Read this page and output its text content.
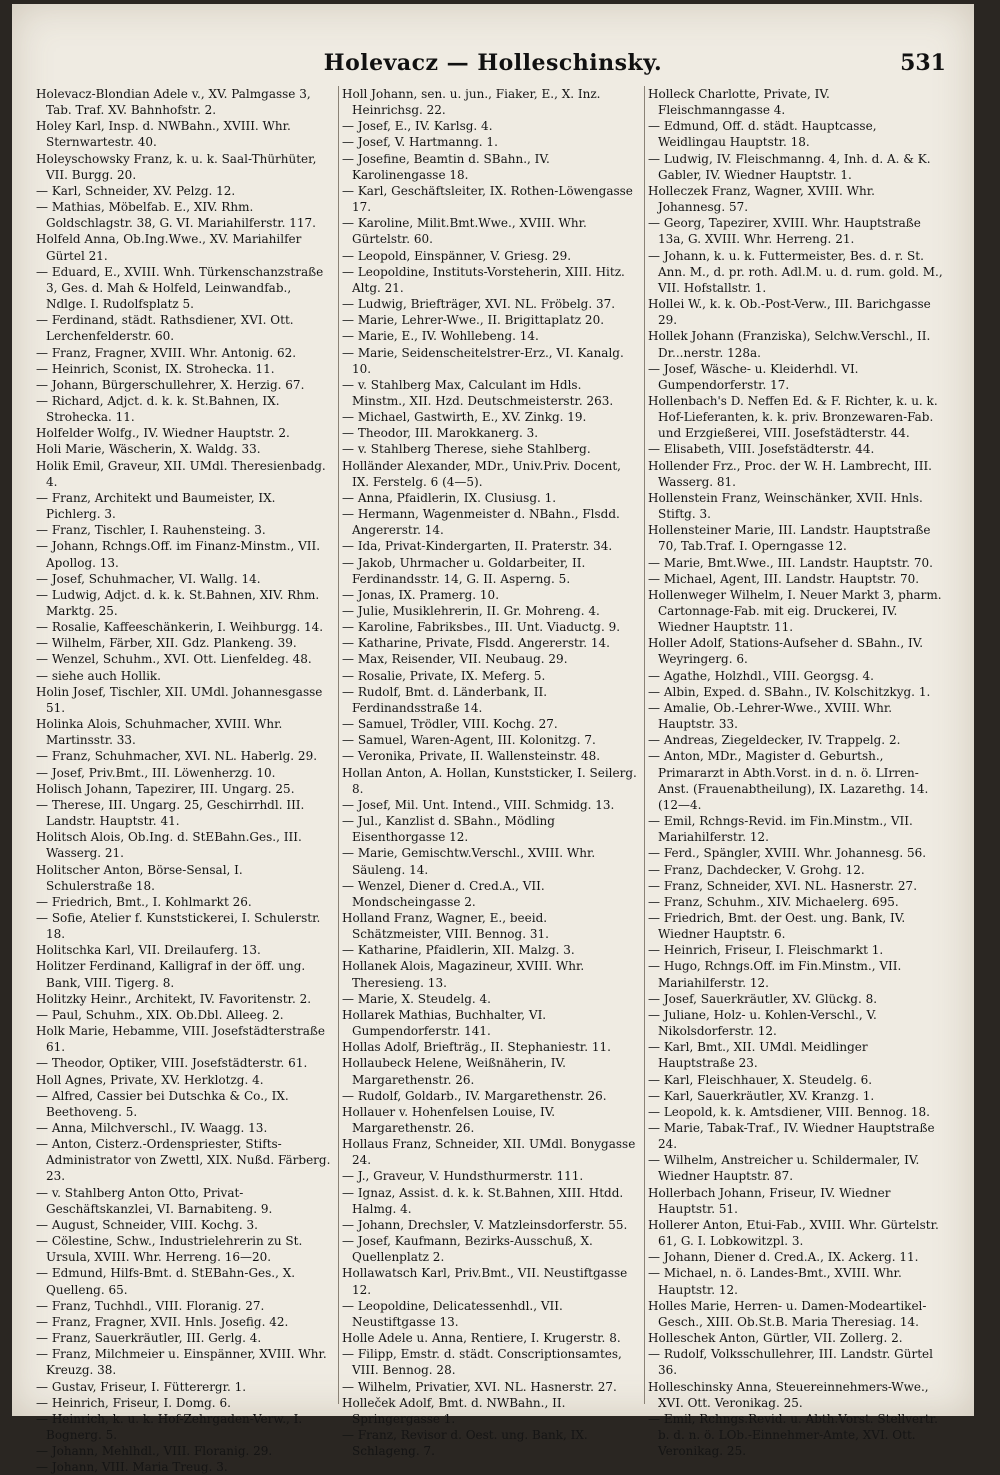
Holevacz — Holleschinsky.	531

Holevacz-Blondian Adele v., XV. Palmgasse 3, Tab. Traf. XV. Bahnhofstr. 2.

Holey Karl, Insp. d. NWBahn., XVIII. Whr. Sternwartestr. 40.

Holeyschowsky Franz, k. u. k. Saal-Thürhüter, VII. Burgg. 20.

— Karl, Schneider, XV. Pelzg. 12.

— Mathias, Möbelfab. E., XIV. Rhm. Goldschlagstr. 38, G. VI. Mariahilferstr. 117.

Holfeld Anna, Ob.Ing.Wwe., XV. Mariahilfer Gürtel 21.

— Eduard, E., XVIII. Wnh. Türkenschanzstraße 3, Ges. d. Mah & Holfeld, Leinwandfab., Ndlge. I. Rudolfsplatz 5.

— Ferdinand, städt. Rathsdiener, XVI. Ott. Lerchenfelderstr. 60.

— Franz, Fragner, XVIII. Whr. Antonig. 62.

— Heinrich, Sconist, IX. Strohecka. 11.

— Johann, Bürgerschullehrer, X. Herzig. 67.

— Richard, Adjct. d. k. k. St.Bahnen, IX. Strohecka. 11.

Holfelder Wolfg., IV. Wiedner Hauptstr. 2.

Holi Marie, Wäscherin, X. Waldg. 33.

Holik Emil, Graveur, XII. UMdl. Theresienbadg. 4.

— Franz, Architekt und Baumeister, IX. Pichlerg. 3.

— Franz, Tischler, I. Rauhensteing. 3.

— Johann, Rchngs.Off. im Finanz-Minstm., VII. Apollog. 13.

— Josef, Schuhmacher, VI. Wallg. 14.

— Ludwig, Adjct. d. k. k. St.Bahnen, XIV. Rhm. Marktg. 25.

— Rosalie, Kaffeeschänkerin, I. Weihburgg. 14.

— Wilhelm, Färber, XII. Gdz. Plankeng. 39.

— Wenzel, Schuhm., XVI. Ott. Lienfeldeg. 48.

— siehe auch Hollik.

Holin Josef, Tischler, XII. UMdl. Johannesgasse 51.

Holinka Alois, Schuhmacher, XVIII. Whr. Martinsstr. 33.

— Franz, Schuhmacher, XVI. NL. Haberlg. 29.

— Josef, Priv.Bmt., III. Löwenherzg. 10.

Holisch Johann, Tapezirer, III. Ungarg. 25.

— Therese, III. Ungarg. 25, Geschirrhdl. III. Landstr. Hauptstr. 41.

Holitsch Alois, Ob.Ing. d. StEBahn.Ges., III. Wasserg. 21.

Holitscher Anton, Börse-Sensal, I. Schulerstraße 18.

— Friedrich, Bmt., I. Kohlmarkt 26.

— Sofie, Atelier f. Kunststickerei, I. Schulerstr. 18.

Holitschka Karl, VII. Dreilauferg. 13.

Holitzer Ferdinand, Kalligraf in der öff. ung. Bank, VIII. Tigerg. 8.

Holitzky Heinr., Architekt, IV. Favoritenstr. 2.

— Paul, Schuhm., XIX. Ob.Dbl. Alleeg. 2.

Holk Marie, Hebamme, VIII. Josefstädterstraße 61.

— Theodor, Optiker, VIII. Josefstädterstr. 61.

Holl Agnes, Private, XV. Herklotzg. 4.

— Alfred, Cassier bei Dutschka & Co., IX. Beethoveng. 5.

— Anna, Milchverschl., IV. Waagg. 13.

— Anton, Cisterz.-Ordenspriester, Stifts-Administrator von Zwettl, XIX. Nußd. Färberg. 23.

— v. Stahlberg Anton Otto, Privat-Geschäftskanzlei, VI. Barnabiteng. 9.

— August, Schneider, VIII. Kochg. 3.

— Cölestine, Schw., Industrielehrerin zu St. Ursula, XVIII. Whr. Herreng. 16—20.

— Edmund, Hilfs-Bmt. d. StEBahn-Ges., X. Quelleng. 65.

— Franz, Tuchhdl., VIII. Floranig. 27.

— Franz, Fragner, XVII. Hnls. Josefig. 42.

— Franz, Sauerkräutler, III. Gerlg. 4.

— Franz, Milchmeier u. Einspänner, XVIII. Whr. Kreuzg. 38.

— Gustav, Friseur, I. Fütterergr. 1.

— Heinrich, Friseur, I. Domg. 6.

— Heinrich, k. u. k. Hof-Zehrgaden-Verw., I. Bognerg. 5.

— Johann, Mehlhdl., VIII. Floranig. 29.

— Johann, VIII. Maria Treug. 3.

Holl Johann, sen. u. jun., Fiaker, E., X. Inz. Heinrichsg. 22.

— Josef, E., IV. Karlsg. 4.

— Josef, V. Hartmanng. 1.

— Josefine, Beamtin d. SBahn., IV. Karolinengasse 18.

— Karl, Geschäftsleiter, IX. Rothen-Löwengasse 17.

— Karoline, Milit.Bmt.Wwe., XVIII. Whr. Gürtelstr. 60.

— Leopold, Einspänner, V. Griesg. 29.

— Leopoldine, Instituts-Vorsteherin, XIII. Hitz. Altg. 21.

— Ludwig, Briefträger, XVI. NL. Fröbelg. 37.

— Marie, Lehrer-Wwe., II. Brigittaplatz 20.

— Marie, E., IV. Wohllebeng. 14.

— Marie, Seidenscheitelstrer-Erz., VI. Kanalg. 10.

— v. Stahlberg Max, Calculant im Hdls. Minstm., XII. Hzd. Deutschmeisterstr. 263.

— Michael, Gastwirth, E., XV. Zinkg. 19.

— Theodor, III. Marokkanerg. 3.

— v. Stahlberg Therese, siehe Stahlberg.

Holländer Alexander, MDr., Univ.Priv. Docent, IX. Ferstelg. 6 (4—5).

— Anna, Pfaidlerin, IX. Clusiusg. 1.

— Hermann, Wagenmeister d. NBahn., Flsdd. Angererstr. 14.

— Ida, Privat-Kindergarten, II. Praterstr. 34.

— Jakob, Uhrmacher u. Goldarbeiter, II. Ferdinandsstr. 14, G. II. Asperng. 5.

— Jonas, IX. Pramerg. 10.

— Julie, Musiklehrerin, II. Gr. Mohreng. 4.

— Karoline, Fabriksbes., III. Unt. Viaductg. 9.

— Katharine, Private, Flsdd. Angererstr. 14.

— Max, Reisender, VII. Neubaug. 29.

— Rosalie, Private, IX. Meferg. 5.

— Rudolf, Bmt. d. Länderbank, II. Ferdinandsstraße 14.

— Samuel, Trödler, VIII. Kochg. 27.

— Samuel, Waren-Agent, III. Kolonitzg. 7.

— Veronika, Private, II. Wallensteinstr. 48.

Hollan Anton, A. Hollan, Kunststicker, I. Seilerg. 8.

— Josef, Mil. Unt. Intend., VIII. Schmidg. 13.

— Jul., Kanzlist d. SBahn., Mödling Eisenthorgasse 12.

— Marie, Gemischtw.Verschl., XVIII. Whr. Säuleng. 14.

— Wenzel, Diener d. Cred.A., VII. Mondscheingasse 2.

Holland Franz, Wagner, E., beeid. Schätzmeister, VIII. Bennog. 31.

— Katharine, Pfaidlerin, XII. Malzg. 3.

Hollanek Alois, Magazineur, XVIII. Whr. Theresieng. 13.

— Marie, X. Steudelg. 4.

Hollarek Mathias, Buchhalter, VI. Gumpendorferstr. 141.

Hollas Adolf, Briefträg., II. Stephaniestr. 11.

Hollaubeck Helene, Weißnäherin, IV. Margarethenstr. 26.

— Rudolf, Goldarb., IV. Margarethenstr. 26.

Hollauer v. Hohenfelsen Louise, IV. Margarethenstr. 26.

Hollaus Franz, Schneider, XII. UMdl. Bonygasse 24.

— J., Graveur, V. Hundsthurmerstr. 111.

— Ignaz, Assist. d. k. k. St.Bahnen, XIII. Htdd. Halmg. 4.

— Johann, Drechsler, V. Matzleinsdorferstr. 55.

— Josef, Kaufmann, Bezirks-Ausschuß, X. Quellenplatz 2.

Hollawatsch Karl, Priv.Bmt., VII. Neustiftgasse 12.

— Leopoldine, Delicatessenhdl., VII. Neustiftgasse 13.

Holle Adele u. Anna, Rentiere, I. Krugerstr. 8.

— Filipp, Emstr. d. städt. Conscriptionsamtes, VIII. Bennog. 28.

— Wilhelm, Privatier, XVI. NL. Hasnerstr. 27.

Holleček Adolf, Bmt. d. NWBahn., II. Springergasse 1.

— Franz, Revisor d. Oest. ung. Bank, IX. Schlageng. 7.

Holleck Charlotte, Private, IV. Fleischmanngasse 4.

— Edmund, Off. d. städt. Hauptcasse, Weidlingau Hauptstr. 18.

— Ludwig, IV. Fleischmanng. 4, Inh. d. A. & K. Gabler, IV. Wiedner Hauptstr. 1.

Holleczek Franz, Wagner, XVIII. Whr. Johannesg. 57.

— Georg, Tapezirer, XVIII. Whr. Hauptstraße 13a, G. XVIII. Whr. Herreng. 21.

— Johann, k. u. k. Futtermeister, Bes. d. r. St. Ann. M., d. pr. roth. Adl.M. u. d. rum. gold. M., VII. Hofstallstr. 1.

Hollei W., k. k. Ob.-Post-Verw., III. Barichgasse 29.

Hollek Johann (Franziska), Selchw.Verschl., II. Dr...nerstr. 128a.

— Josef, Wäsche- u. Kleiderhdl. VI. Gumpendorferstr. 17.

Hollenbach's D. Neffen Ed. & F. Richter, k. u. k. Hof-Lieferanten, k. k. priv. Bronzewaren-Fab. und Erzgießerei, VIII. Josefstädterstr. 44.

— Elisabeth, VIII. Josefstädterstr. 44.

Hollender Frz., Proc. der W. H. Lambrecht, III. Wasserg. 81.

Hollenstein Franz, Weinschänker, XVII. Hnls. Stiftg. 3.

Hollensteiner Marie, III. Landstr. Hauptstraße 70, Tab.Traf. I. Operngasse 12.

— Marie, Bmt.Wwe., III. Landstr. Hauptstr. 70.

— Michael, Agent, III. Landstr. Hauptstr. 70.

Hollenweger Wilhelm, I. Neuer Markt 3, pharm. Cartonnage-Fab. mit eig. Druckerei, IV. Wiedner Hauptstr. 11.

Holler Adolf, Stations-Aufseher d. SBahn., IV. Weyringerg. 6.

— Agathe, Holzhdl., VIII. Georgsg. 4.

— Albin, Exped. d. SBahn., IV. Kolschitzkyg. 1.

— Amalie, Ob.-Lehrer-Wwe., XVIII. Whr. Hauptstr. 33.

— Andreas, Ziegeldecker, IV. Trappelg. 2.

— Anton, MDr., Magister d. Geburtsh., Primararzt in Abth.Vorst. in d. n. ö. LIrren-Anst. (Frauenabtheilung), IX. Lazarethg. 14. (12—4.

— Emil, Rchngs-Revid. im Fin.Minstm., VII. Mariahilferstr. 12.

— Ferd., Spängler, XVIII. Whr. Johannesg. 56.

— Franz, Dachdecker, V. Grohg. 12.

— Franz, Schneider, XVI. NL. Hasnerstr. 27.

— Franz, Schuhm., XIV. Michaelerg. 695.

— Friedrich, Bmt. der Oest. ung. Bank, IV. Wiedner Hauptstr. 6.

— Heinrich, Friseur, I. Fleischmarkt 1.

— Hugo, Rchngs.Off. im Fin.Minstm., VII. Mariahilferstr. 12.

— Josef, Sauerkräutler, XV. Glückg. 8.

— Juliane, Holz- u. Kohlen-Verschl., V. Nikolsdorferstr. 12.

— Karl, Bmt., XII. UMdl. Meidlinger Hauptstraße 23.

— Karl, Fleischhauer, X. Steudelg. 6.

— Karl, Sauerkräutler, XV. Kranzg. 1.

— Leopold, k. k. Amtsdiener, VIII. Bennog. 18.

— Marie, Tabak-Traf., IV. Wiedner Hauptstraße 24.

— Wilhelm, Anstreicher u. Schildermaler, IV. Wiedner Hauptstr. 87.

Hollerbach Johann, Friseur, IV. Wiedner Hauptstr. 51.

Hollerer Anton, Etui-Fab., XVIII. Whr. Gürtelstr. 61, G. I. Lobkowitzpl. 3.

— Johann, Diener d. Cred.A., IX. Ackerg. 11.

— Michael, n. ö. Landes-Bmt., XVIII. Whr. Hauptstr. 12.

Holles Marie, Herren- u. Damen-Modeartikel-Gesch., XIII. Ob.St.B. Maria Theresiag. 14.

Holleschek Anton, Gürtler, VII. Zollerg. 2.

— Rudolf, Volksschullehrer, III. Landstr. Gürtel 36.

Holleschinsky Anna, Steuereinnehmers-Wwe., XVI. Ott. Veronikag. 25.

— Emil, Rchngs.Revid. u. Abth.Vorst. Stellvertr. b. d. n. ö. LOb.-Einnehmer-Amte, XVI. Ott. Veronikag. 25.
